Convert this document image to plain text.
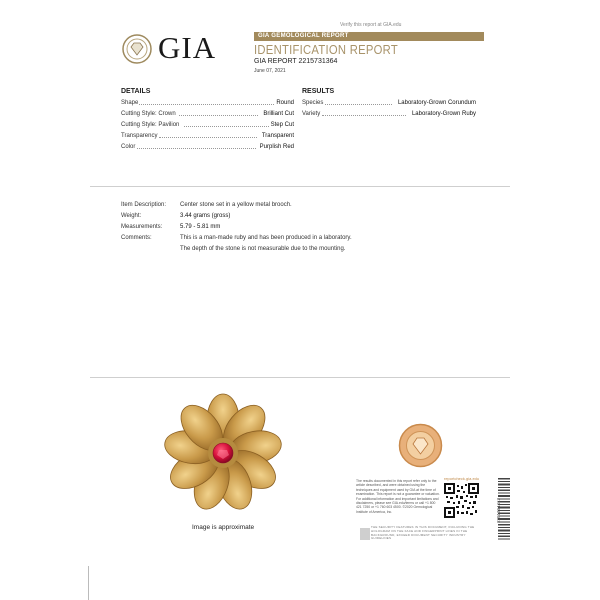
Verify this report at GIA.edu
GIA	GIA GEMOLOGICAL REPORT
IDENTIFICATION REPORT
GIA REPORT 2215731364
June 07, 2021
DETAILS
Shape	Round
Cutting Style: Crown	Brilliant Cut
Cutting Style: Pavilion	Step Cut
Transparency	Transparent
Color	Purplish Red
RESULTS
Species	Laboratory-Grown Corundum
Variety	Laboratory-Grown Ruby
Item Description: Center stone set in a yellow metal brooch.
Weight:	3.44 grams (gross)
Measurements:	5.79 - 5.81 mm
Comments:	This is a man-made ruby and has been produced in a laboratory.
The depth of the stone is not measurable due to the mounting.
Image is approximate
The results documented in this report refer only to the article described, and were obtained using the techniques and equipment used by GIA at the time of examination. This report is not a guarantee or valuation. For additional information and important limitations and disclaimers, please see GIA.edu/terms or call +1 800 421 7250 or +1 760 603 4500. ©2020 Gemological Institute of America, Inc.
reportcheck.gia.edu
2201364413
THE SECURITY FEATURES IN THIS DOCUMENT, INCLUDING THE HOLOGRAM ON THE FACE AND FINGERPRINT LINES IN THE BACKGROUND, EXCEED DOCUMENT SECURITY INDUSTRY GUIDELINES
